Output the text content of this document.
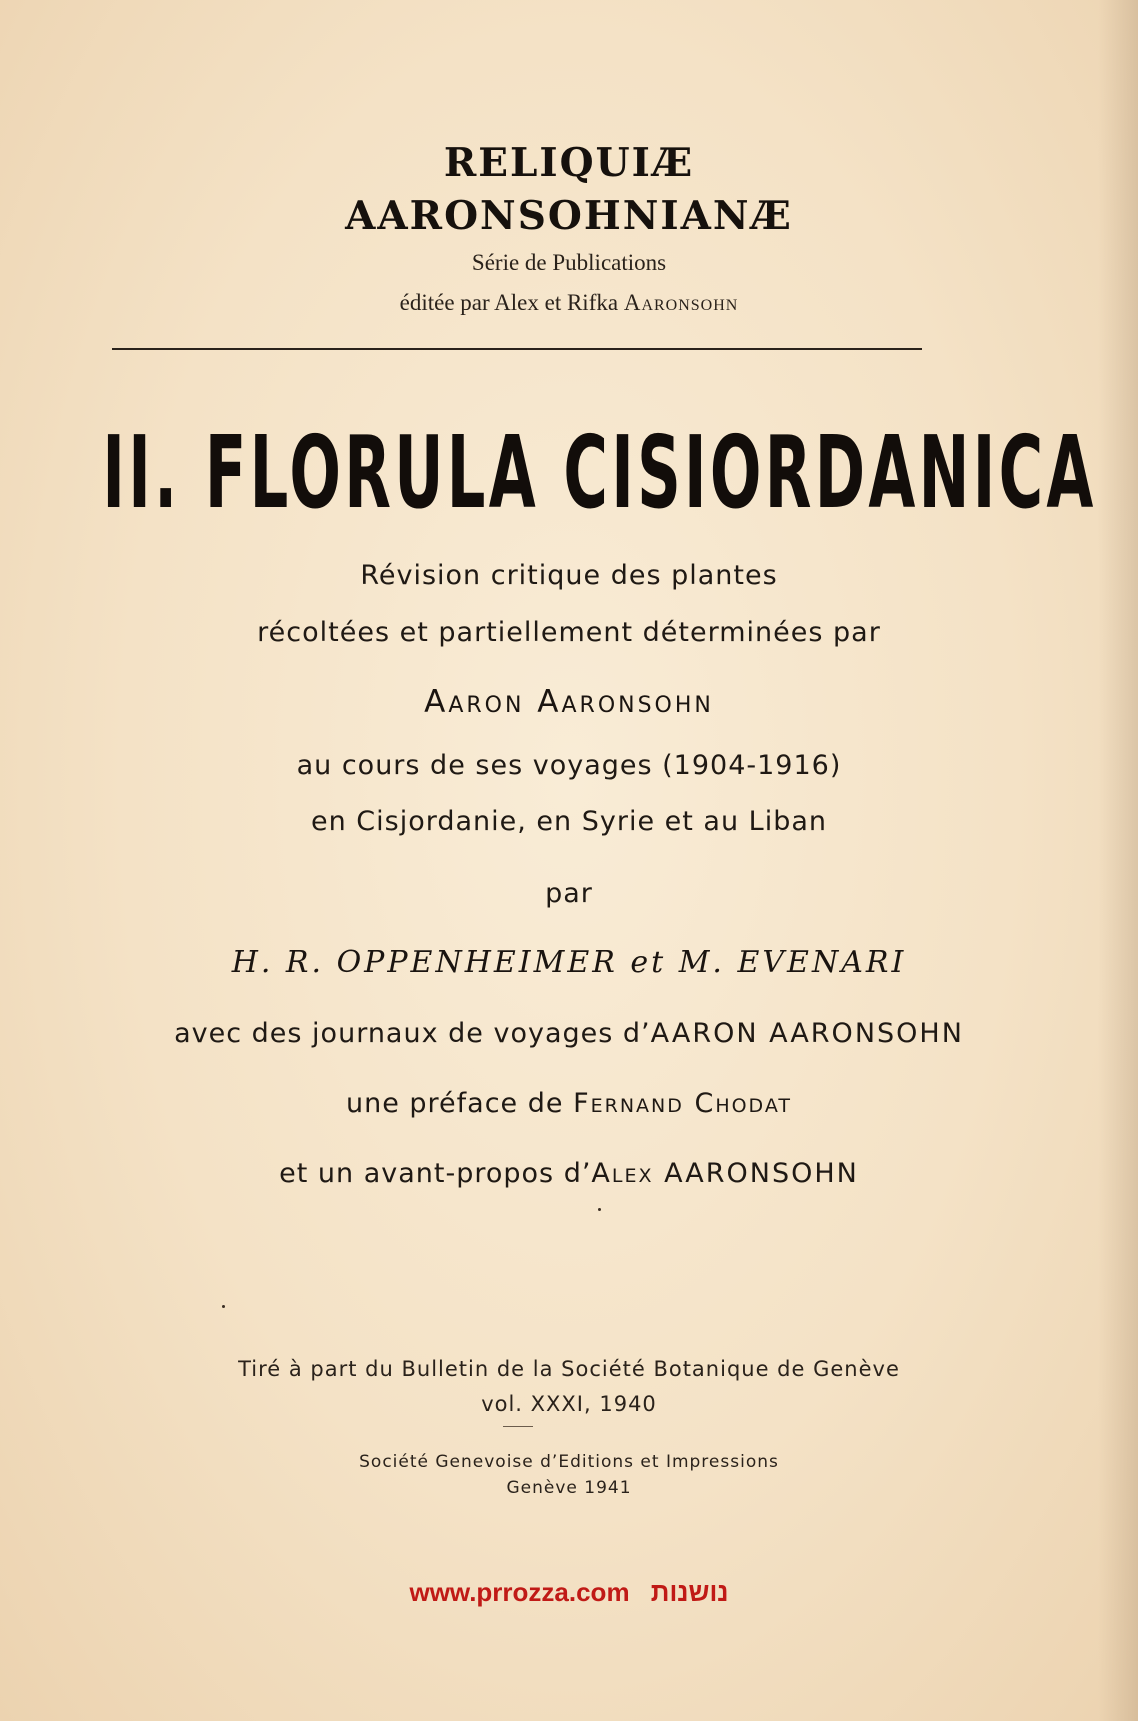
RELIQUIÆ
AARONSOHNIANÆ
Série de Publications
éditée par Alex et Rifka Aaronsohn
II. FLORULA CISIORDANICA
Révision critique des plantes
récoltées et partiellement déterminées par
Aaron Aaronsohn
au cours de ses voyages (1904-1916)
en Cisjordanie, en Syrie et au Liban
par
H. R. OPPENHEIMER et M. EVENARI
avec des journaux de voyages d’AARON AARONSOHN
une préface de Fernand Chodat
et un avant-propos d’Alex AARONSOHN
Tiré à part du Bulletin de la Société Botanique de Genève
vol. XXXI, 1940
Société Genevoise d’Editions et Impressions
Genève 1941
www.prrozza.com נושנות
